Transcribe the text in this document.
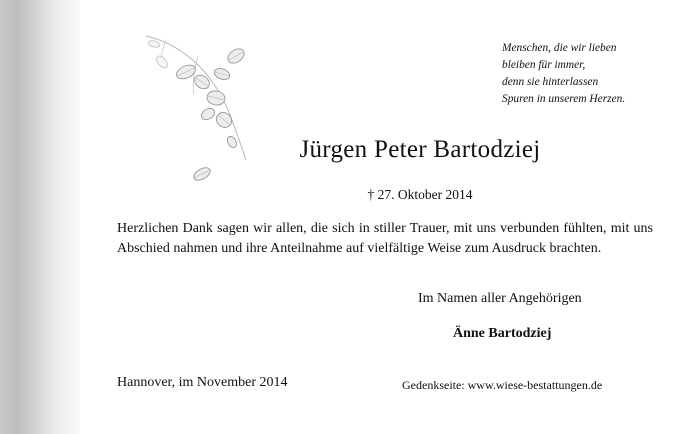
Menschen, die wir lieben
bleiben für immer,
denn sie hinterlassen
Spuren in unserem Herzen.
Jürgen Peter Bartodziej
† 27. Oktober 2014
Herzlichen Dank sagen wir allen, die sich in stiller Trauer, mit uns verbunden fühlten, mit uns Abschied nahmen und ihre Anteilnahme auf vielfältige Weise zum Ausdruck brachten.
Im Namen aller Angehörigen
Änne Bartodziej
Hannover, im November 2014	Gedenkseite: www.wiese-bestattungen.de
